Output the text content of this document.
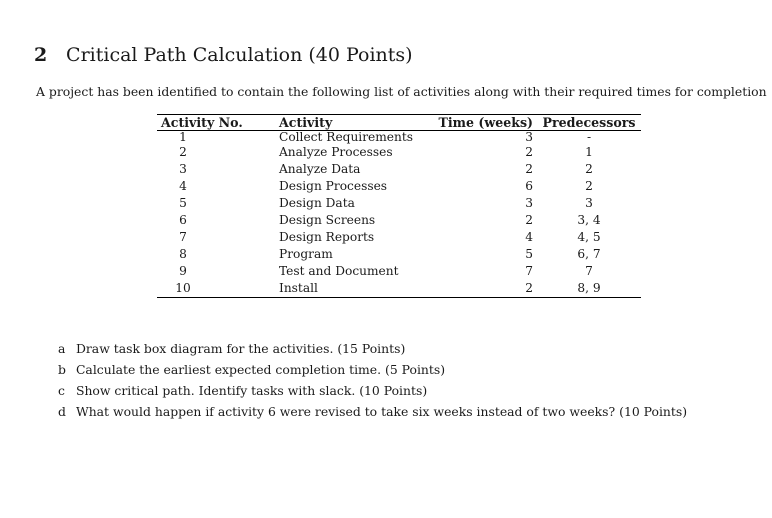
2 Critical Path Calculation (40 Points)
A project has been identified to contain the following list of activities along with their required times for completion
Activity No.	Activity	Time (weeks)	Predecessors
1	Collect Requirements	3	-
2	Analyze Processes	2	1
3	Analyze Data	2	2
4	Design Processes	6	2
5	Design Data	3	3
6	Design Screens	2	3, 4
7	Design Reports	4	4, 5
8	Program	5	6, 7
9	Test and Document	7	7
10	Install	2	8, 9
a Draw task box diagram for the activities. (15 Points)
b Calculate the earliest expected completion time. (5 Points)
c Show critical path. Identify tasks with slack. (10 Points)
d What would happen if activity 6 were revised to take six weeks instead of two weeks? (10 Points)
